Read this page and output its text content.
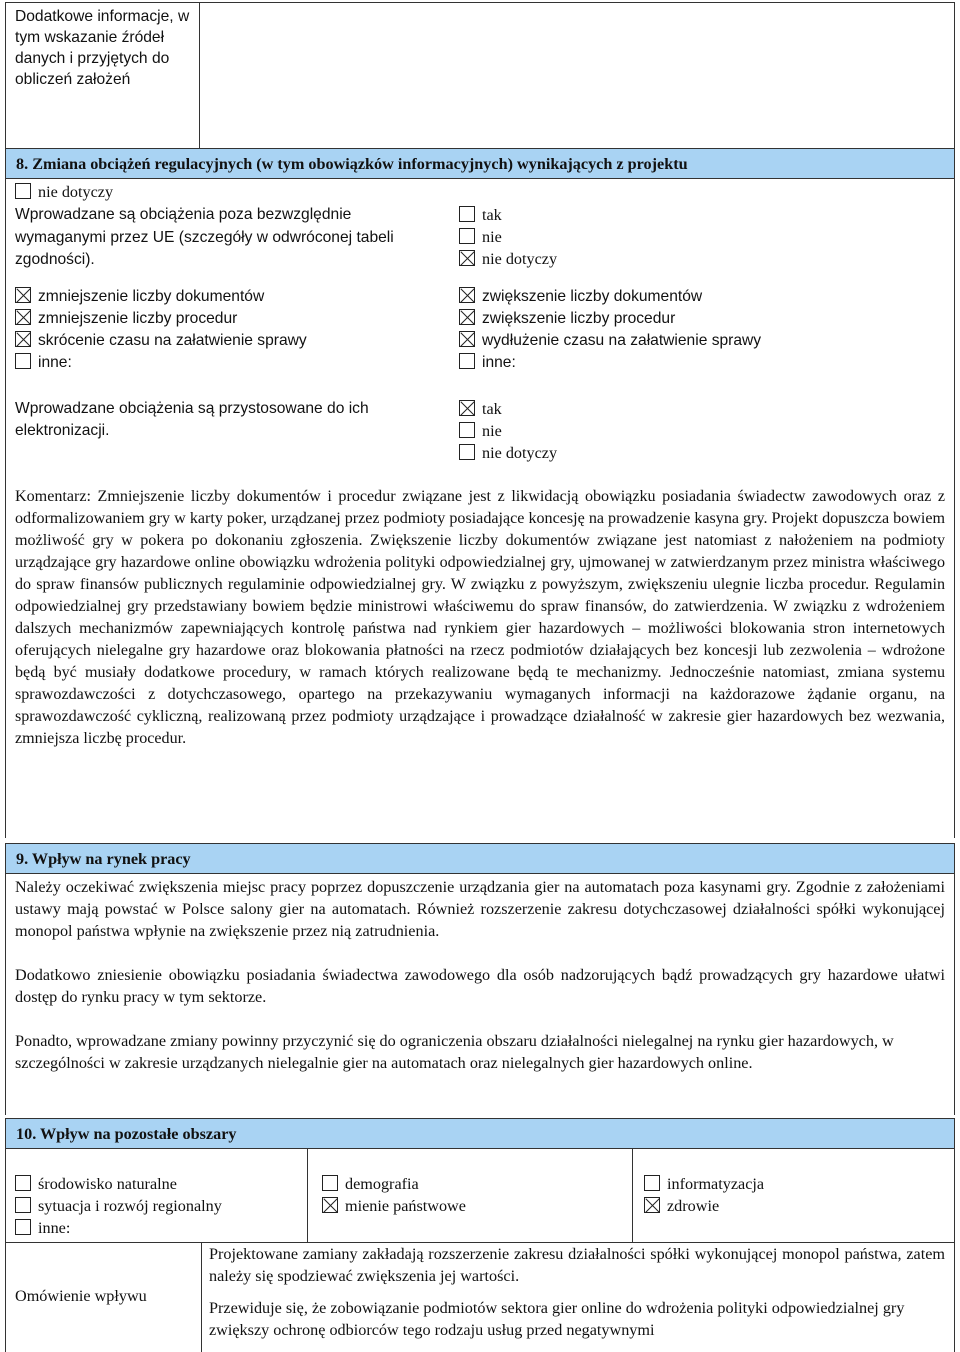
Dodatkowe informacje, w tym wskazanie źródeł danych i przyjętych do obliczeń założeń
8. Zmiana obciążeń regulacyjnych (w tym obowiązków informacyjnych) wynikających z projektu
nie dotyczy
Wprowadzane są obciążenia poza bezwzględnie wymaganymi przez UE (szczegóły w odwróconej tabeli zgodności).
tak
nie
nie dotyczy
zmniejszenie liczby dokumentów
zmniejszenie liczby procedur
skrócenie czasu na załatwienie sprawy
inne:
zwiększenie liczby dokumentów
zwiększenie liczby procedur
wydłużenie czasu na załatwienie sprawy
inne:
Wprowadzane obciążenia są przystosowane do ich elektronizacji.
tak
nie
nie dotyczy
Komentarz: Zmniejszenie liczby dokumentów i procedur związane jest z likwidacją obowiązku posiadania świadectw zawodowych oraz z odformalizowaniem gry w karty poker, urządzanej przez podmioty posiadające koncesję na prowadzenie kasyna gry. Projekt dopuszcza bowiem możliwość gry w pokera po dokonaniu zgłoszenia. Zwiększenie liczby dokumentów związane jest natomiast z nałożeniem na podmioty urządzające gry hazardowe online obowiązku wdrożenia polityki odpowiedzialnej gry, ujmowanej w zatwierdzanym przez ministra właściwego do spraw finansów publicznych regulaminie odpowiedzialnej gry. W związku z powyższym, zwiększeniu ulegnie liczba procedur. Regulamin odpowiedzialnej gry przedstawiany bowiem będzie ministrowi właściwemu do spraw finansów, do zatwierdzenia. W związku z wdrożeniem dalszych mechanizmów zapewniających kontrolę państwa nad rynkiem gier hazardowych – możliwości blokowania stron internetowych oferujących nielegalne gry hazardowe oraz blokowania płatności na rzecz podmiotów działających bez koncesji lub zezwolenia – wdrożone będą być musiały dodatkowe procedury, w ramach których realizowane będą te mechanizmy. Jednocześnie natomiast, zmiana systemu sprawozdawczości z dotychczasowego, opartego na przekazywaniu wymaganych informacji na każdorazowe żądanie organu, na sprawozdawczość cykliczną, realizowaną przez podmioty urządzające i prowadzące działalność w zakresie gier hazardowych bez wezwania, zmniejsza liczbę procedur.
9. Wpływ na rynek pracy
Należy oczekiwać zwiększenia miejsc pracy poprzez dopuszczenie urządzania gier na automatach poza kasynami gry. Zgodnie z założeniami ustawy mają powstać w Polsce salony gier na automatach. Również rozszerzenie zakresu dotychczasowej działalności spółki wykonującej monopol państwa wpłynie na zwiększenie przez nią zatrudnienia.
Dodatkowo zniesienie obowiązku posiadania świadectwa zawodowego dla osób nadzorujących bądź prowadzących gry hazardowe ułatwi dostęp do rynku pracy w tym sektorze.
Ponadto, wprowadzane zmiany powinny przyczynić się do ograniczenia obszaru działalności nielegalnej na rynku gier hazardowych, w szczególności w zakresie urządzanych nielegalnie gier na automatach oraz nielegalnych gier hazardowych online.
10. Wpływ na pozostałe obszary
środowisko naturalne
sytuacja i rozwój regionalny
inne:
demografia
mienie państwowe
informatyzacja
zdrowie
Omówienie wpływu
Projektowane zamiany zakładają rozszerzenie zakresu działalności spółki wykonującej monopol państwa, zatem należy się spodziewać zwiększenia jej wartości.
Przewiduje się, że zobowiązanie podmiotów sektora gier online do wdrożenia polityki odpowiedzialnej gry zwiększy ochronę odbiorców tego rodzaju usług przed negatywnymi
